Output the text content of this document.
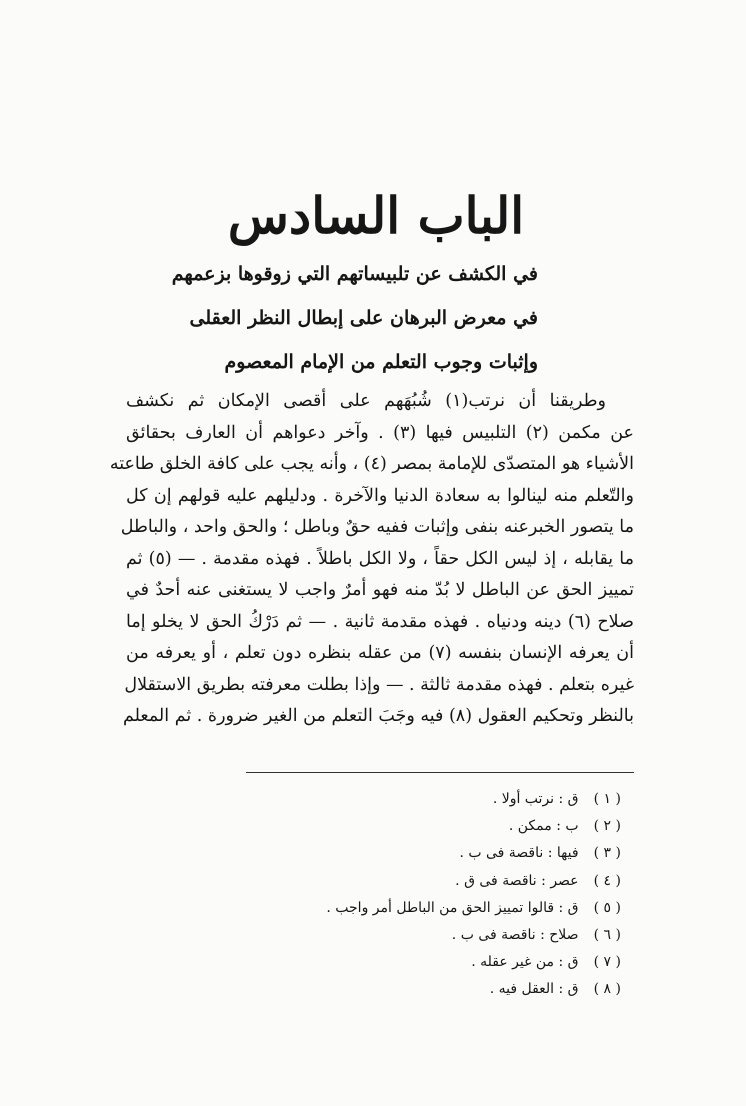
الباب السادس

في الكشف عن تلبيساتهم التي زوقوها بزعمهم

في معرض البرهان على إبطال النظر العقلى

وإثبات وجوب التعلم من الإمام المعصوم

وطريقنا أن نرتب(١) شُبُهَهم على أقصى الإمكان ثم نكشف
عن مكمن (٢) التلبيس فيها (٣) . وآخر دعواهم أن العارف بحقائق
الأشياء هو المتصدّى للإمامة بمصر (٤) ، وأنه يجب على كافة الخلق طاعته
والتّعلم منه لينالوا به سعادة الدنيا والآخرة . ودليلهم عليه قولهم إن كل
ما يتصور الخبرعنه بنفى وإثبات ففيه حقٌ وباطل ؛ والحق واحد ، والباطل
ما يقابله ، إذ ليس الكل حقاً ، ولا الكل باطلاً . فهذه مقدمة . — (٥) ثم
تمييز الحق عن الباطل لا بُدّ منه فهو أمرٌ واجب لا يستغنى عنه أحدٌ في
صلاح (٦) دينه ودنياه . فهذه مقدمة ثانية . — ثم دَرْكُ الحق لا يخلو إما
أن يعرفه الإنسان بنفسه (٧) من عقله بنظره دون تعلم ، أو يعرفه من
غيره بتعلم . فهذه مقدمة ثالثة . — وإذا بطلت معرفته بطريق الاستقلال
بالنظر وتحكيم العقول (٨) فيه وجَبَ التعلم من الغير ضرورة . ثم المعلم
( ١ ) ق : نرتب أولا .
( ٢ ) ب : ممكن .
( ٣ ) فيها : ناقصة فى ب .
( ٤ ) عصر : ناقصة فى ق .
( ٥ ) ق : قالوا تمييز الحق من الباطل أمر واجب .
( ٦ ) صلاح : ناقصة فى ب .
( ٧ ) ق : من غير عقله .
( ٨ ) ق : العقل فيه .
